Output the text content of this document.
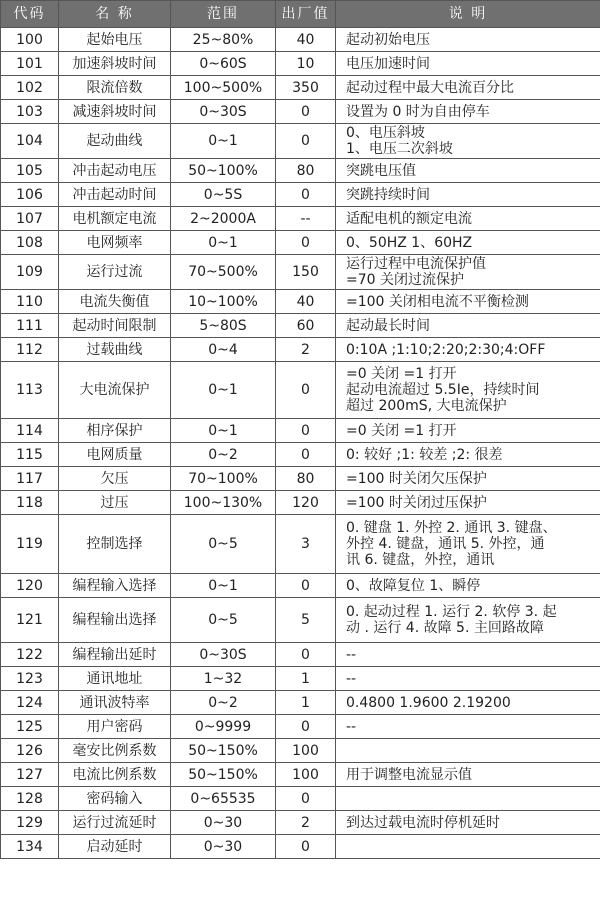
代码	名 称	范围	出厂值	说 明
100	起始电压	25~80%	40	起动初始电压

101	加速斜坡时间	0~60S	10	电压加速时间

102	限流倍数	100~500%	350	起动过程中最大电流百分比

103	减速斜坡时间	0~30S	0	设置为 0 时为自由停车

104	起动曲线	0~1	0	0、电压斜坡
1、电压二次斜坡

105	冲击起动电压	50~100%	80	突跳电压值

106	冲击起动时间	0~5S	0	突跳持续时间

107	电机额定电流	2~2000A	--	适配电机的额定电流

108	电网频率	0~1	0	0、50HZ 1、60HZ

109	运行过流	70~500%	150	运行过程中电流保护值
=70 关闭过流保护

110	电流失衡值	10~100%	40	=100 关闭相电流不平衡检测

111	起动时间限制	5~80S	60	起动最长时间

112	过载曲线	0~4	2	0:10A ;1:10;2:20;2:30;4:OFF

113	大电流保护	0~1	0	=0 关闭 =1 打开
起动电流超过 5.5Ie，持续时间
超过 200mS, 大电流保护

114	相序保护	0~1	0	=0 关闭 =1 打开

115	电网质量	0~2	0	0: 较好 ;1: 较差 ;2: 很差

117	欠压	70~100%	80	=100 时关闭欠压保护

118	过压	100~130%	120	=100 时关闭过压保护

119	控制选择	0~5	3	0. 键盘 1. 外控 2. 通讯 3. 键盘、
外控 4. 键盘，通讯 5. 外控，通
讯 6. 键盘，外控，通讯

120	编程输入选择	0~1	0	0、故障复位 1、瞬停

121	编程输出选择	0~5	5	0. 起动过程 1. 运行 2. 软停 3. 起
动 . 运行 4. 故障 5. 主回路故障

122	编程输出延时	0~30S	0	--

123	通讯地址	1~32	1	--

124	通讯波特率	0~2	1	0.4800 1.9600 2.19200

125	用户密码	0~9999	0	--

126	毫安比例系数	50~150%	100	

127	电流比例系数	50~150%	100	用于调整电流显示值

128	密码输入	0~65535	0	

129	运行过流延时	0~30	2	到达过载电流时停机延时

134	启动延时	0~30	0	
